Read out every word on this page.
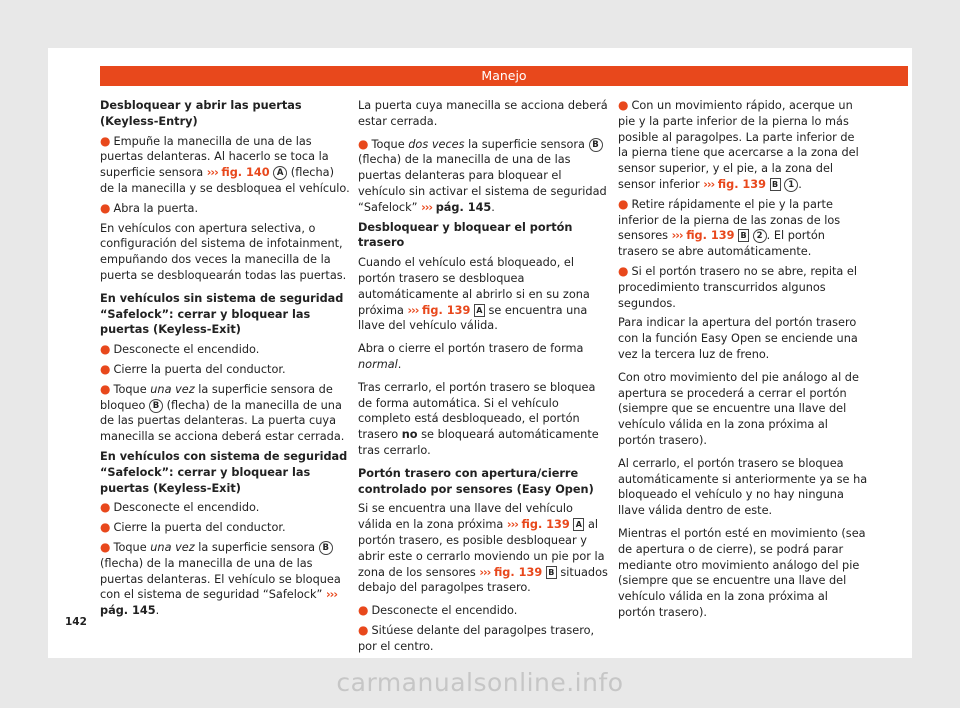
Manejo

Desbloquear y abrir las puertas (Keyless-Entry)

● Empuñe la manecilla de una de las puertas delanteras. Al hacerlo se toca la superficie sensora ››› fig. 140 A (flecha) de la manecilla y se desbloquea el vehículo.

● Abra la puerta.

En vehículos con apertura selectiva, o configuración del sistema de infotainment, empuñando dos veces la manecilla de la puerta se desbloquearán todas las puertas.

En vehículos sin sistema de seguridad “Safelock”: cerrar y bloquear las puertas (Keyless-Exit)

● Desconecte el encendido.

● Cierre la puerta del conductor.

● Toque una vez la superficie sensora de bloqueo B (flecha) de la manecilla de una de las puertas delanteras. La puerta cuya manecilla se acciona deberá estar cerrada.

En vehículos con sistema de seguridad “Safelock”: cerrar y bloquear las puertas (Keyless-Exit)

● Desconecte el encendido.

● Cierre la puerta del conductor.

● Toque una vez la superficie sensora B (flecha) de la manecilla de una de las puertas delanteras. El vehículo se bloquea con el sistema de seguridad “Safelock” ››› pág. 145.

La puerta cuya manecilla se acciona deberá estar cerrada.

● Toque dos veces la superficie sensora B (flecha) de la manecilla de una de las puertas delanteras para bloquear el vehículo sin activar el sistema de seguridad “Safelock” ››› pág. 145.

Desbloquear y bloquear el portón trasero

Cuando el vehículo está bloqueado, el portón trasero se desbloquea automáticamente al abrirlo si en su zona próxima ››› fig. 139 A se encuentra una llave del vehículo válida.

Abra o cierre el portón trasero de forma normal.

Tras cerrarlo, el portón trasero se bloquea de forma automática. Si el vehículo completo está desbloqueado, el portón trasero no se bloqueará automáticamente tras cerrarlo.

Portón trasero con apertura/cierre controlado por sensores (Easy Open)

Si se encuentra una llave del vehículo válida en la zona próxima ››› fig. 139 A al portón trasero, es posible desbloquear y abrir este o cerrarlo moviendo un pie por la zona de los sensores ››› fig. 139 B situados debajo del paragolpes trasero.

● Desconecte el encendido.

● Sitúese delante del paragolpes trasero, por el centro.

● Con un movimiento rápido, acerque un pie y la parte inferior de la pierna lo más posible al paragolpes. La parte inferior de la pierna tiene que acercarse a la zona del sensor superior, y el pie, a la zona del sensor inferior ››› fig. 139 B 1 .

● Retire rápidamente el pie y la parte inferior de la pierna de las zonas de los sensores ››› fig. 139 B 2 . El portón trasero se abre automáticamente.

● Si el portón trasero no se abre, repita el procedimiento transcurridos algunos segundos.

Para indicar la apertura del portón trasero con la función Easy Open se enciende una vez la tercera luz de freno.

Con otro movimiento del pie análogo al de apertura se procederá a cerrar el portón (siempre que se encuentre una llave del vehículo válida en la zona próxima al portón trasero).

Al cerrarlo, el portón trasero se bloquea automáticamente si anteriormente ya se ha bloqueado el vehículo y no hay ninguna llave válida dentro de este.

Mientras el portón esté en movimiento (sea de apertura o de cierre), se podrá parar mediante otro movimiento análogo del pie (siempre que se encuentre una llave del vehículo válida en la zona próxima al portón trasero).

142
carmanualsonline.info
